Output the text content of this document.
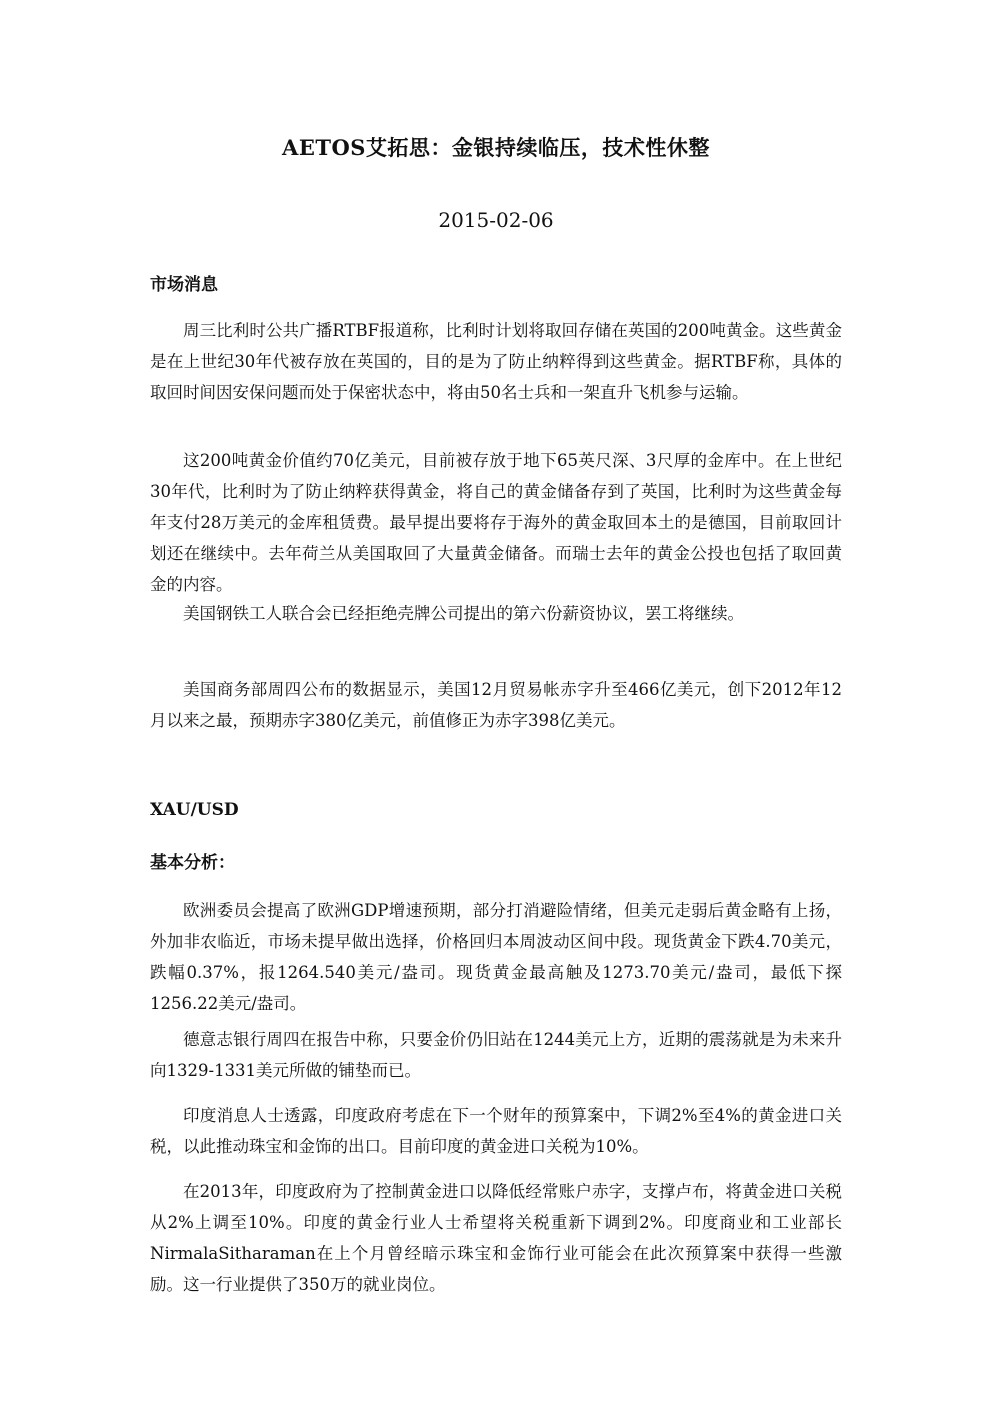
AETOS艾拓思：金银持续临压，技术性休整
2015-02-06
市场消息

周三比利时公共广播RTBF报道称，比利时计划将取回存储在英国的200吨黄金。这些黄金是在上世纪30年代被存放在英国的，目的是为了防止纳粹得到这些黄金。据RTBF称，具体的取回时间因安保问题而处于保密状态中，将由50名士兵和一架直升飞机参与运输。

这200吨黄金价值约70亿美元，目前被存放于地下65英尺深、3尺厚的金库中。在上世纪30年代，比利时为了防止纳粹获得黄金，将自己的黄金储备存到了英国，比利时为这些黄金每年支付28万美元的金库租赁费。最早提出要将存于海外的黄金取回本土的是德国，目前取回计划还在继续中。去年荷兰从美国取回了大量黄金储备。而瑞士去年的黄金公投也包括了取回黄金的内容。

美国钢铁工人联合会已经拒绝壳牌公司提出的第六份薪资协议，罢工将继续。

美国商务部周四公布的数据显示，美国12月贸易帐赤字升至466亿美元，创下2012年12月以来之最，预期赤字380亿美元，前值修正为赤字398亿美元。

XAU/USD
基本分析：

欧洲委员会提高了欧洲GDP增速预期，部分打消避险情绪，但美元走弱后黄金略有上扬，外加非农临近，市场未提早做出选择，价格回归本周波动区间中段。现货黄金下跌4.70美元，跌幅0.37%，报1264.540美元/盎司。现货黄金最高触及1273.70美元/盎司，最低下探1256.22美元/盎司。

德意志银行周四在报告中称，只要金价仍旧站在1244美元上方，近期的震荡就是为未来升向1329-1331美元所做的铺垫而已。

印度消息人士透露，印度政府考虑在下一个财年的预算案中，下调2%至4%的黄金进口关税，以此推动珠宝和金饰的出口。目前印度的黄金进口关税为10%。

在2013年，印度政府为了控制黄金进口以降低经常账户赤字，支撑卢布，将黄金进口关税从2%上调至10%。印度的黄金行业人士希望将关税重新下调到2%。印度商业和工业部长NirmalaSitharaman在上个月曾经暗示珠宝和金饰行业可能会在此次预算案中获得一些激励。这一行业提供了350万的就业岗位。
